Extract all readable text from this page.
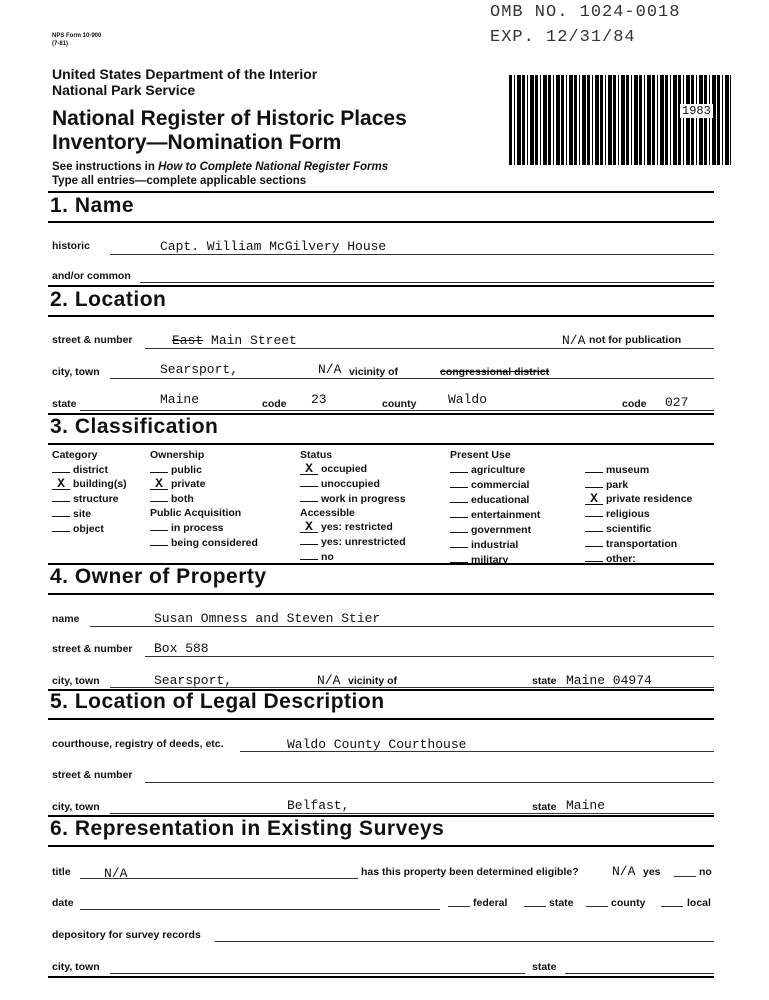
NPS Form 10-900
(7-81)
OMB NO. 1024-0018
EXP. 12/31/84
1983
United States Department of the Interior
National Park Service
National Register of Historic Places
Inventory—Nomination Form
See instructions in How to Complete National Register Forms
Type all entries—complete applicable sections
1. Name
historic	Capt. William McGilvery House
and/or common
2. Location
street & number	East Main Street	N/A not for publication
city, town	Searsport,	N/A vicinity of	congressional district
state	Maine	code 23	county Waldo	code 027
3. Classification
Category
district
X building(s)
structure
site
object
Ownership
public
X private
both
Public Acquisition
in process
being considered
Status
X occupied
unoccupied
work in progress
Accessible
X yes: restricted
yes: unrestricted
no
Present Use
agriculture
commercial
educational
entertainment
government
industrial
military
museum
park
X private residence
religious
scientific
transportation
other:
4. Owner of Property
name	Susan Omness and Steven Stier
street & number Box 588
city, town	Searsport,	N/A vicinity of	state Maine 04974
5. Location of Legal Description
courthouse, registry of deeds, etc.	Waldo County Courthouse
street & number
city, town	Belfast,	state Maine
6. Representation in Existing Surveys
title	N/A	has this property been determined eligible?	N/A yes	no
date	federal	state	county	local
depository for survey records
city, town	state
